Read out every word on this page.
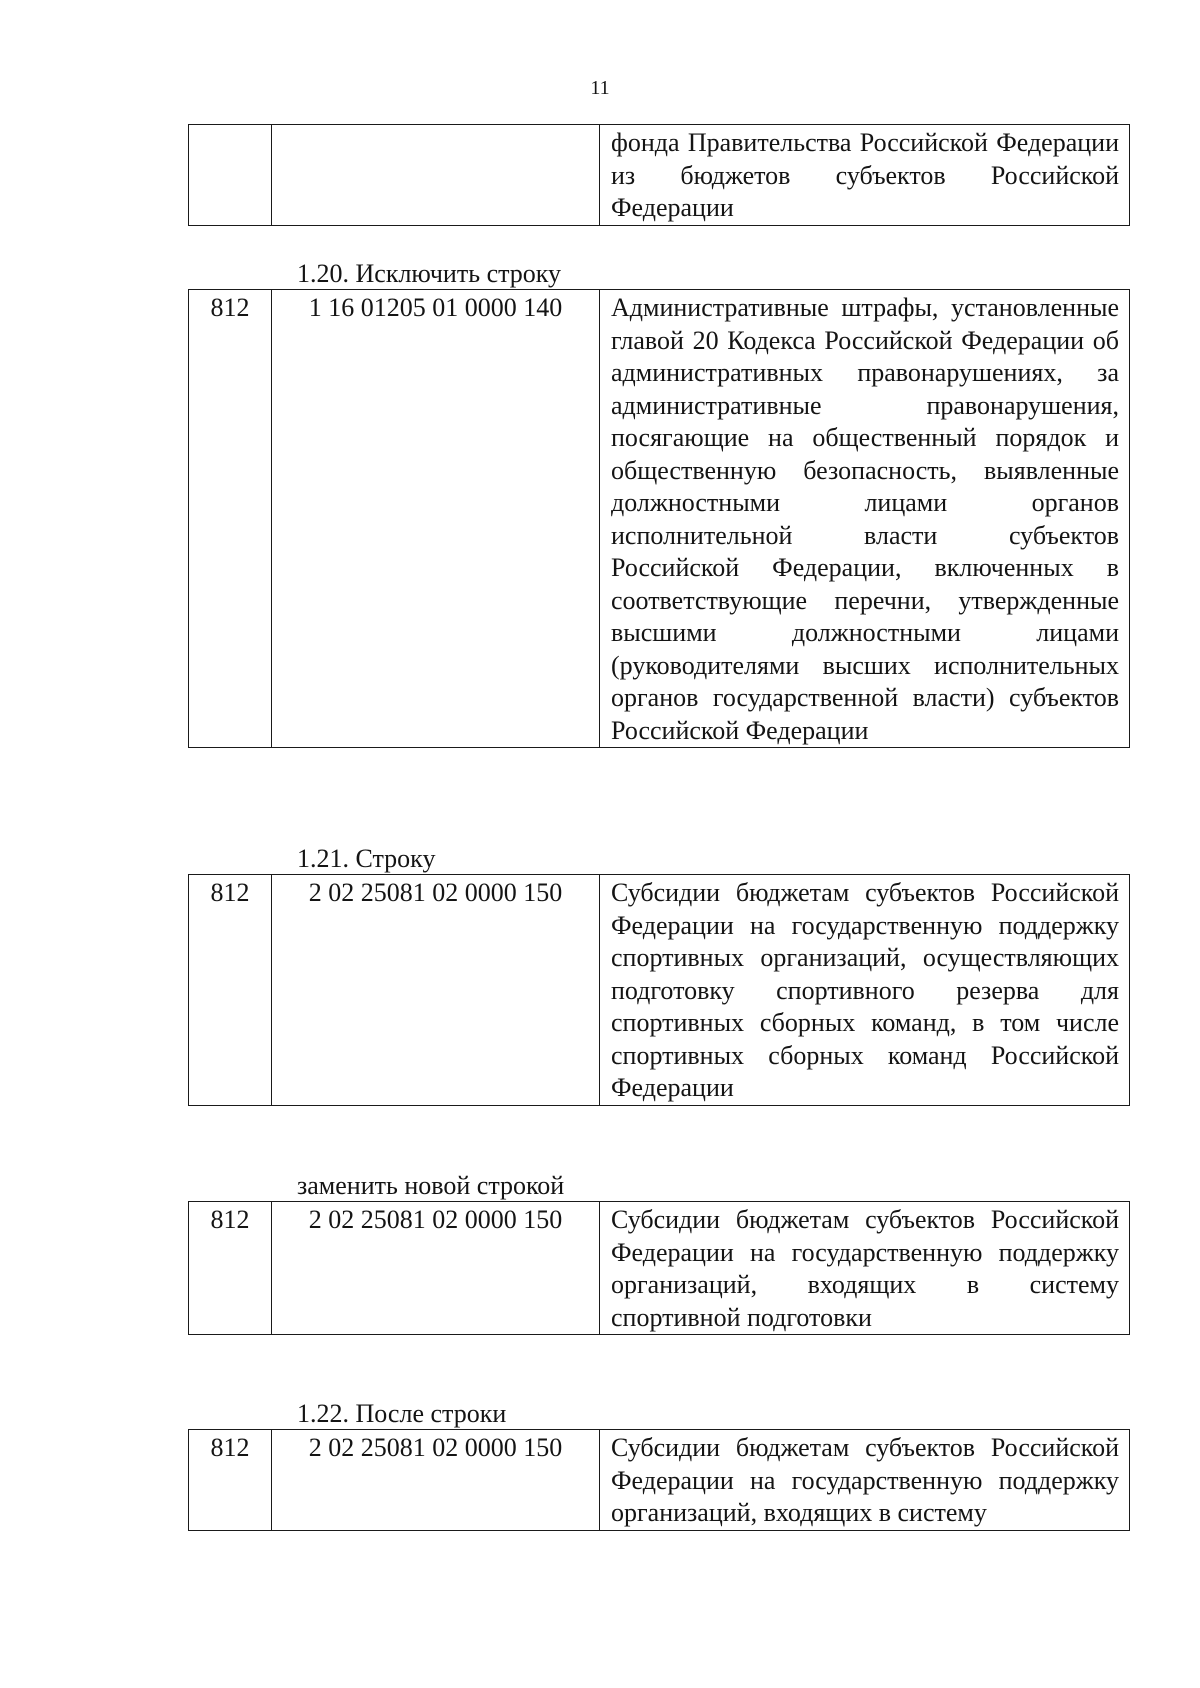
11
		фонда Правительства Российской Федерации из бюджетов субъектов Российской Федерации
1.20. Исключить строку
812	1 16 01205 01 0000 140	Административные штрафы, установленные главой 20 Кодекса Российской Федерации об административных правонарушениях, за административные правонарушения, посягающие на общественный порядок и общественную безопасность, выявленные должностными лицами органов исполнительной власти субъектов Российской Федерации, включенных в соответствующие перечни, утвержденные высшими должностными лицами (руководителями высших исполнительных органов государственной власти) субъектов Российской Федерации
1.21. Строку
812	2 02 25081 02 0000 150	Субсидии бюджетам субъектов Российской Федерации на государственную поддержку спортивных организаций, осуществляющих подготовку спортивного резерва для спортивных сборных команд, в том числе спортивных сборных команд Российской Федерации
заменить новой строкой
812	2 02 25081 02 0000 150	Субсидии бюджетам субъектов Российской Федерации на государственную поддержку организаций, входящих в систему спортивной подготовки
1.22. После строки
812	2 02 25081 02 0000 150	Субсидии бюджетам субъектов Российской Федерации на государственную поддержку организаций, входящих в систему
